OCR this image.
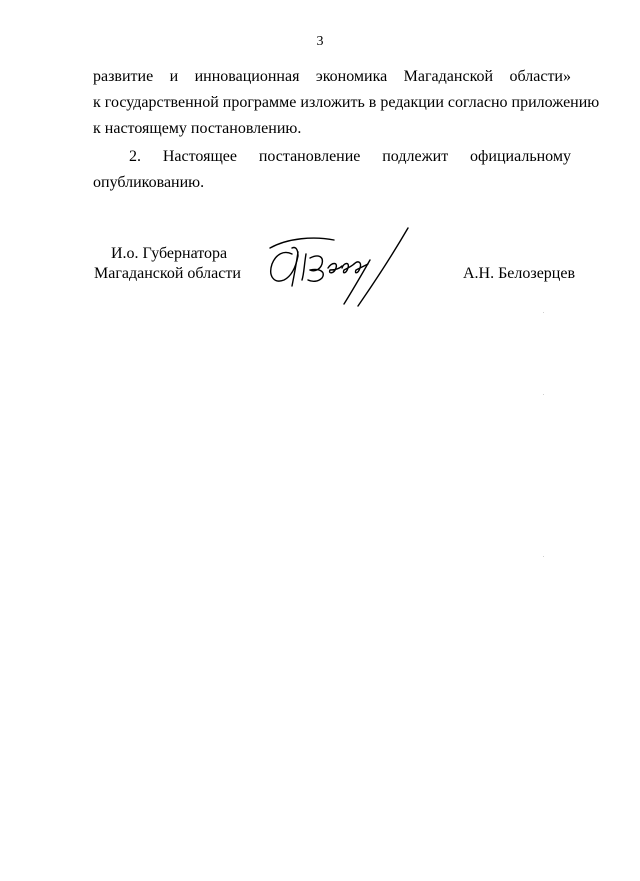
3
развитие и инновационная экономика Магаданской области»
к государственной программе изложить в редакции согласно приложению
к настоящему постановлению.
2. Настоящее постановление подлежит официальному
опубликованию.
И.о. Губернатора
Магаданской области	А.Н. Белозерцев
